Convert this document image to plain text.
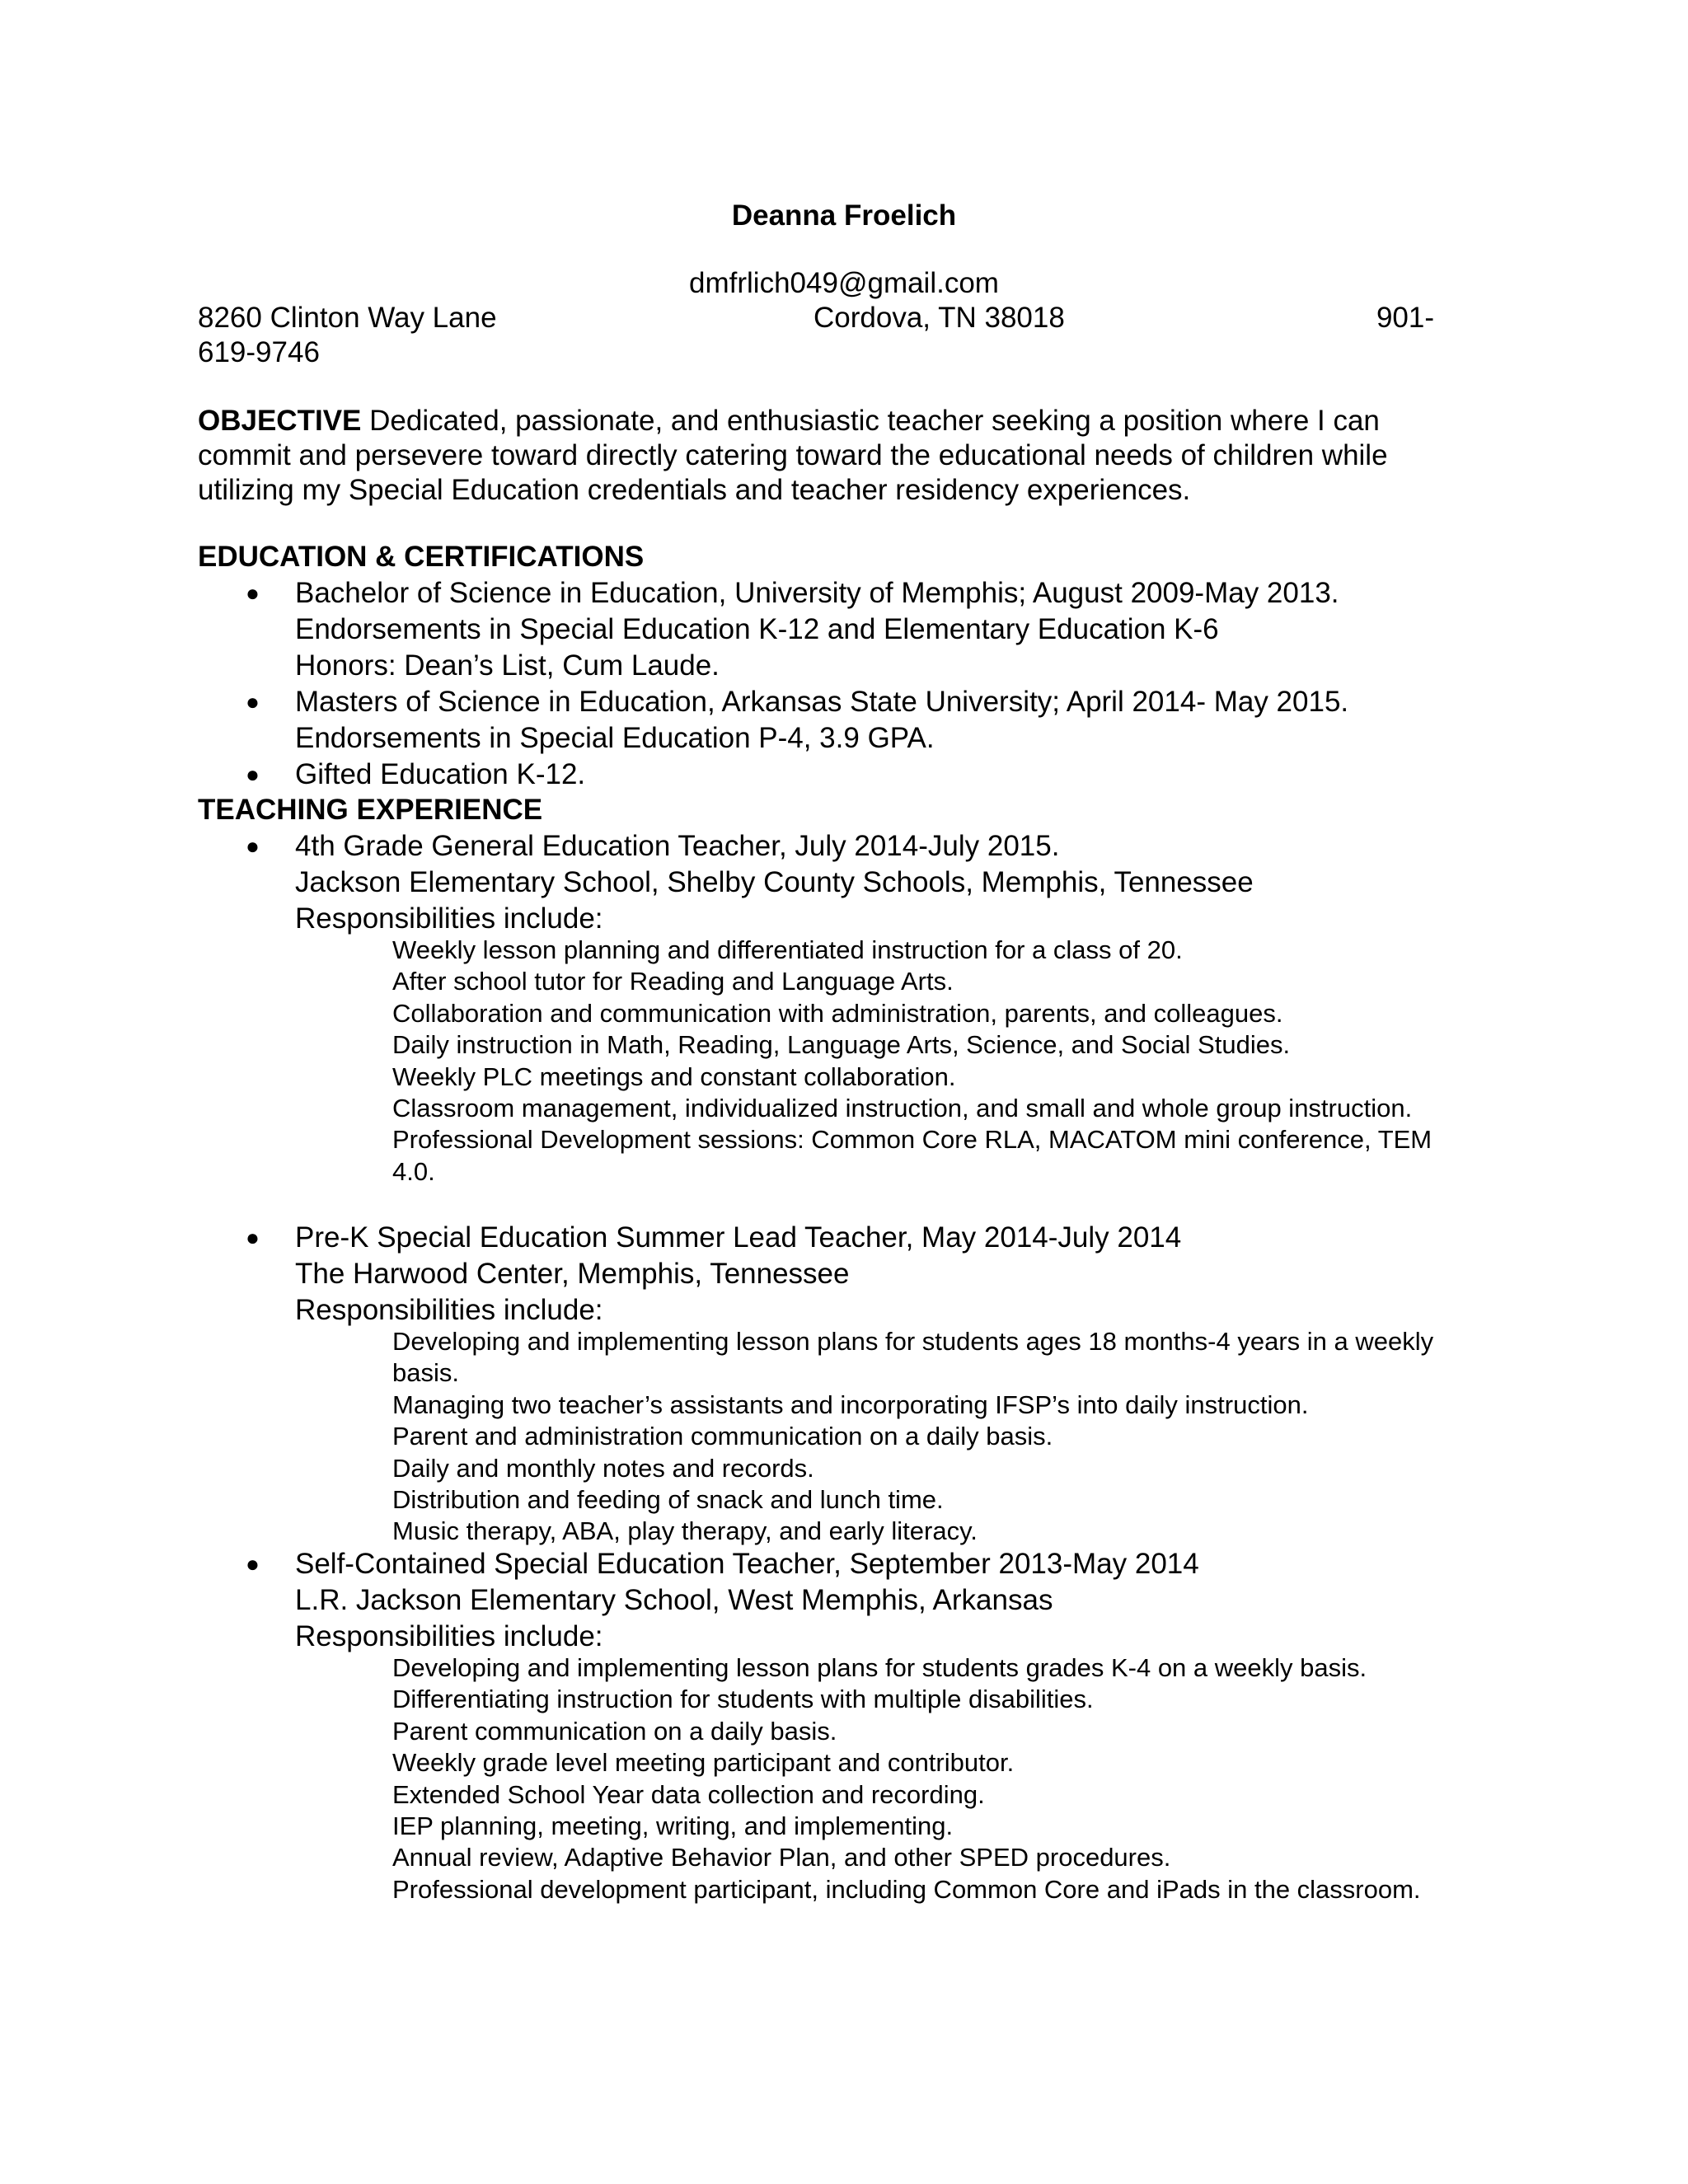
Deanna Froelich
dmfrlich049@gmail.com
8260 Clinton Way Lane	Cordova, TN 38018	901-
619-9746
OBJECTIVE Dedicated, passionate, and enthusiastic teacher seeking a position where I can commit and persevere toward directly catering toward the educational needs of children while utilizing my Special Education credentials and teacher residency experiences.
EDUCATION & CERTIFICATIONS
● Bachelor of Science in Education, University of Memphis; August 2009-May 2013.
Endorsements in Special Education K-12 and Elementary Education K-6
Honors: Dean’s List, Cum Laude.
● Masters of Science in Education, Arkansas State University; April 2014- May 2015.
Endorsements in Special Education P-4, 3.9 GPA.
● Gifted Education K-12.
TEACHING EXPERIENCE
● 4th Grade General Education Teacher, July 2014-July 2015.
Jackson Elementary School, Shelby County Schools, Memphis, Tennessee
Responsibilities include:
Weekly lesson planning and differentiated instruction for a class of 20.
After school tutor for Reading and Language Arts.
Collaboration and communication with administration, parents, and colleagues.
Daily instruction in Math, Reading, Language Arts, Science, and Social Studies.
Weekly PLC meetings and constant collaboration.
Classroom management, individualized instruction, and small and whole group instruction.
Professional Development sessions: Common Core RLA, MACATOM mini conference, TEM 4.0.
● Pre-K Special Education Summer Lead Teacher, May 2014-July 2014
The Harwood Center, Memphis, Tennessee
Responsibilities include:
Developing and implementing lesson plans for students ages 18 months-4 years in a weekly basis.
Managing two teacher’s assistants and incorporating IFSP’s into daily instruction.
Parent and administration communication on a daily basis.
Daily and monthly notes and records.
Distribution and feeding of snack and lunch time.
Music therapy, ABA, play therapy, and early literacy.
● Self-Contained Special Education Teacher, September 2013-May 2014
L.R. Jackson Elementary School, West Memphis, Arkansas
Responsibilities include:
Developing and implementing lesson plans for students grades K-4 on a weekly basis.
Differentiating instruction for students with multiple disabilities.
Parent communication on a daily basis.
Weekly grade level meeting participant and contributor.
Extended School Year data collection and recording.
IEP planning, meeting, writing, and implementing.
Annual review, Adaptive Behavior Plan, and other SPED procedures.
Professional development participant, including Common Core and iPads in the classroom.
